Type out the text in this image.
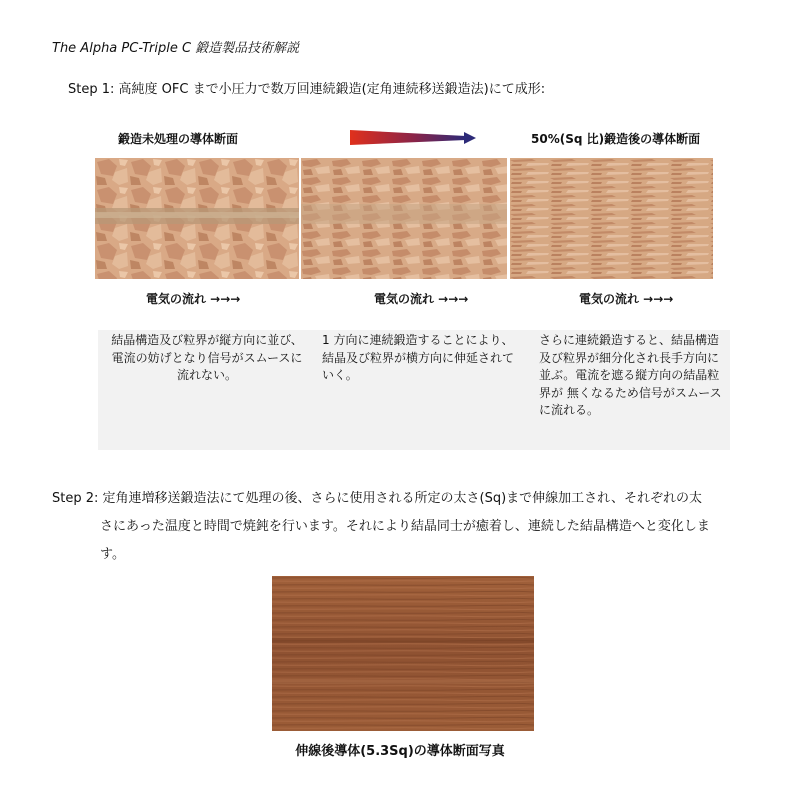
The Alpha PC-Triple C 鍛造製品技術解説
Step 1: 高純度 OFC まで小圧力で数万回連続鍛造(定角連続移送鍛造法)にて成形:
鍛造未処理の導体断面	50%(Sq 比)鍛造後の導体断面
電気の流れ →→→	電気の流れ →→→	電気の流れ →→→
結晶構造及び粒界が縦方向に並び、電流の妨げとなり信号がスムースに流れない。
1 方向に連続鍛造することにより、結晶及び粒界が横方向に伸延されていく。
さらに連続鍛造すると、結晶構造及び粒界が細分化され長手方向に並ぶ。電流を遮る縦方向の結晶粒界が 無くなるため信号がスムースに流れる。
Step 2: 定角連増移送鍛造法にて処理の後、さらに使用される所定の太さ(Sq)まで伸線加工され、それぞれの太
さにあった温度と時間で焼鈍を行います。それにより結晶同士が癒着し、連続した結晶構造へと変化しま
す。
伸線後導体(5.3Sq)の導体断面写真
